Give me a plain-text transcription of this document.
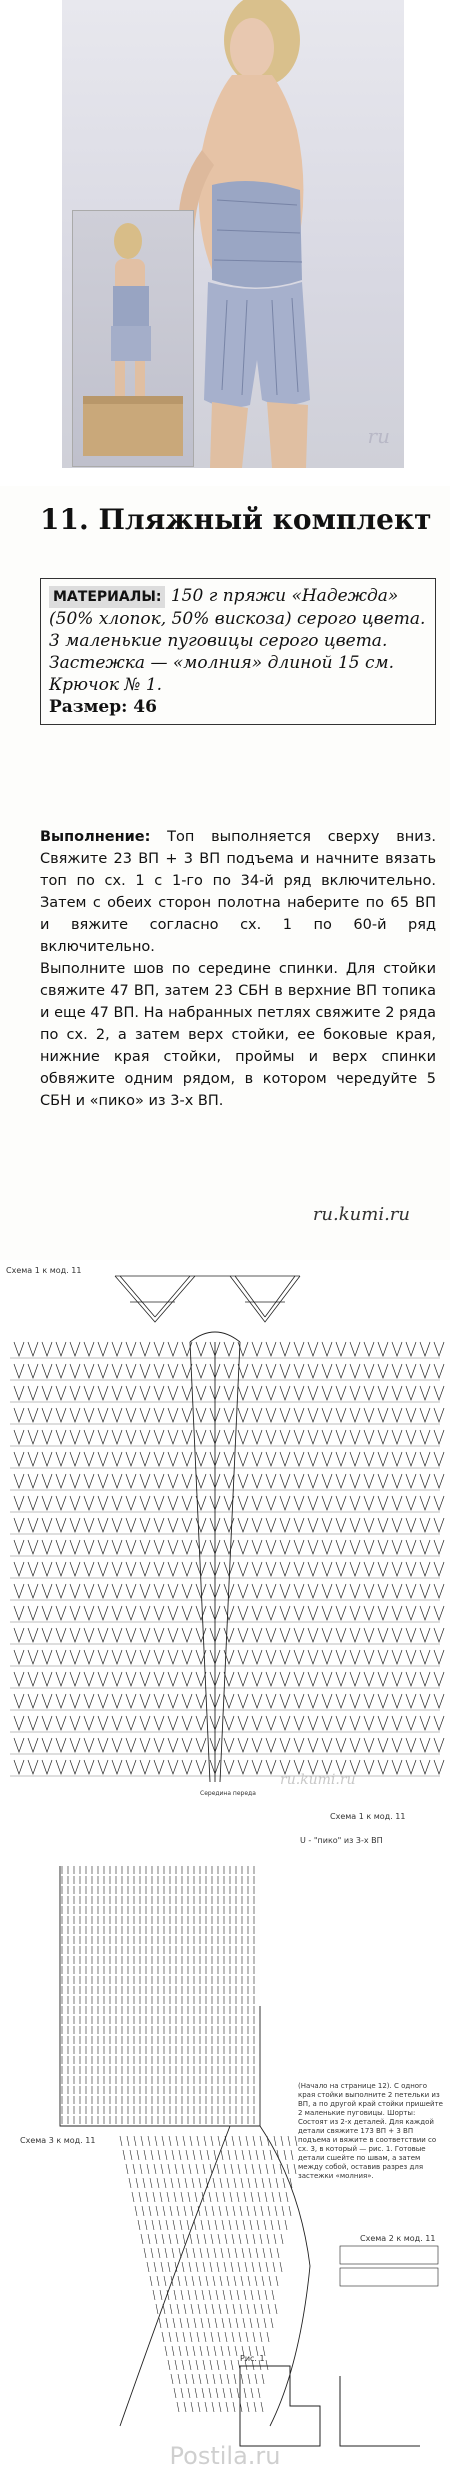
ru
11. Пляжный комплект
МАТЕРИАЛЫ: 150 г пряжи «Надежда» (50% хлопок, 50% вискоза) серого цвета. 3 маленькие пуговицы серого цвета. Застежка — «молния» длиной 15 см. Крючок № 1.
Размер: 46

Выполнение: Топ выполняется сверху вниз. Свяжите 23 ВП + 3 ВП подъема и начните вязать топ по сх. 1 с 1-го по 34-й ряд включительно. Затем с обеих сторон полотна наберите по 65 ВП и вяжите согласно сх. 1 по 60-й ряд включительно.

Выполните шов по середине спинки. Для стойки свяжите 47 ВП, затем 23 СБН в верхние ВП топика и еще 47 ВП. На набранных петлях свяжите 2 ряда по сх. 2, а затем верх стойки, ее боковые края, нижние края стойки, проймы и верх спинки обвяжите одним рядом, в котором чередуйте 5 СБН и «пико» из 3-х ВП.

ru.kumi.ru
Схема 1 к мод. 11
Середина переда
ru.kumi.ru
Схема 1 к мод. 11
U - "пико" из 3-х ВП
Схема 3 к мод. 11
Схема 2 к мод. 11
Рис. 1
(Начало на странице 12). С одного края стойки выполните 2 петельки из ВП, а по другой край стойки пришейте 2 маленькие пуговицы. Шорты: Состоят из 2-х деталей. Для каждой детали свяжите 173 ВП + 3 ВП подъема и вяжите в соответствии со сх. 3, в который — рис. 1. Готовые детали сшейте по швам, а затем между собой, оставив разрез для застежки «молния».
Postila.ru
